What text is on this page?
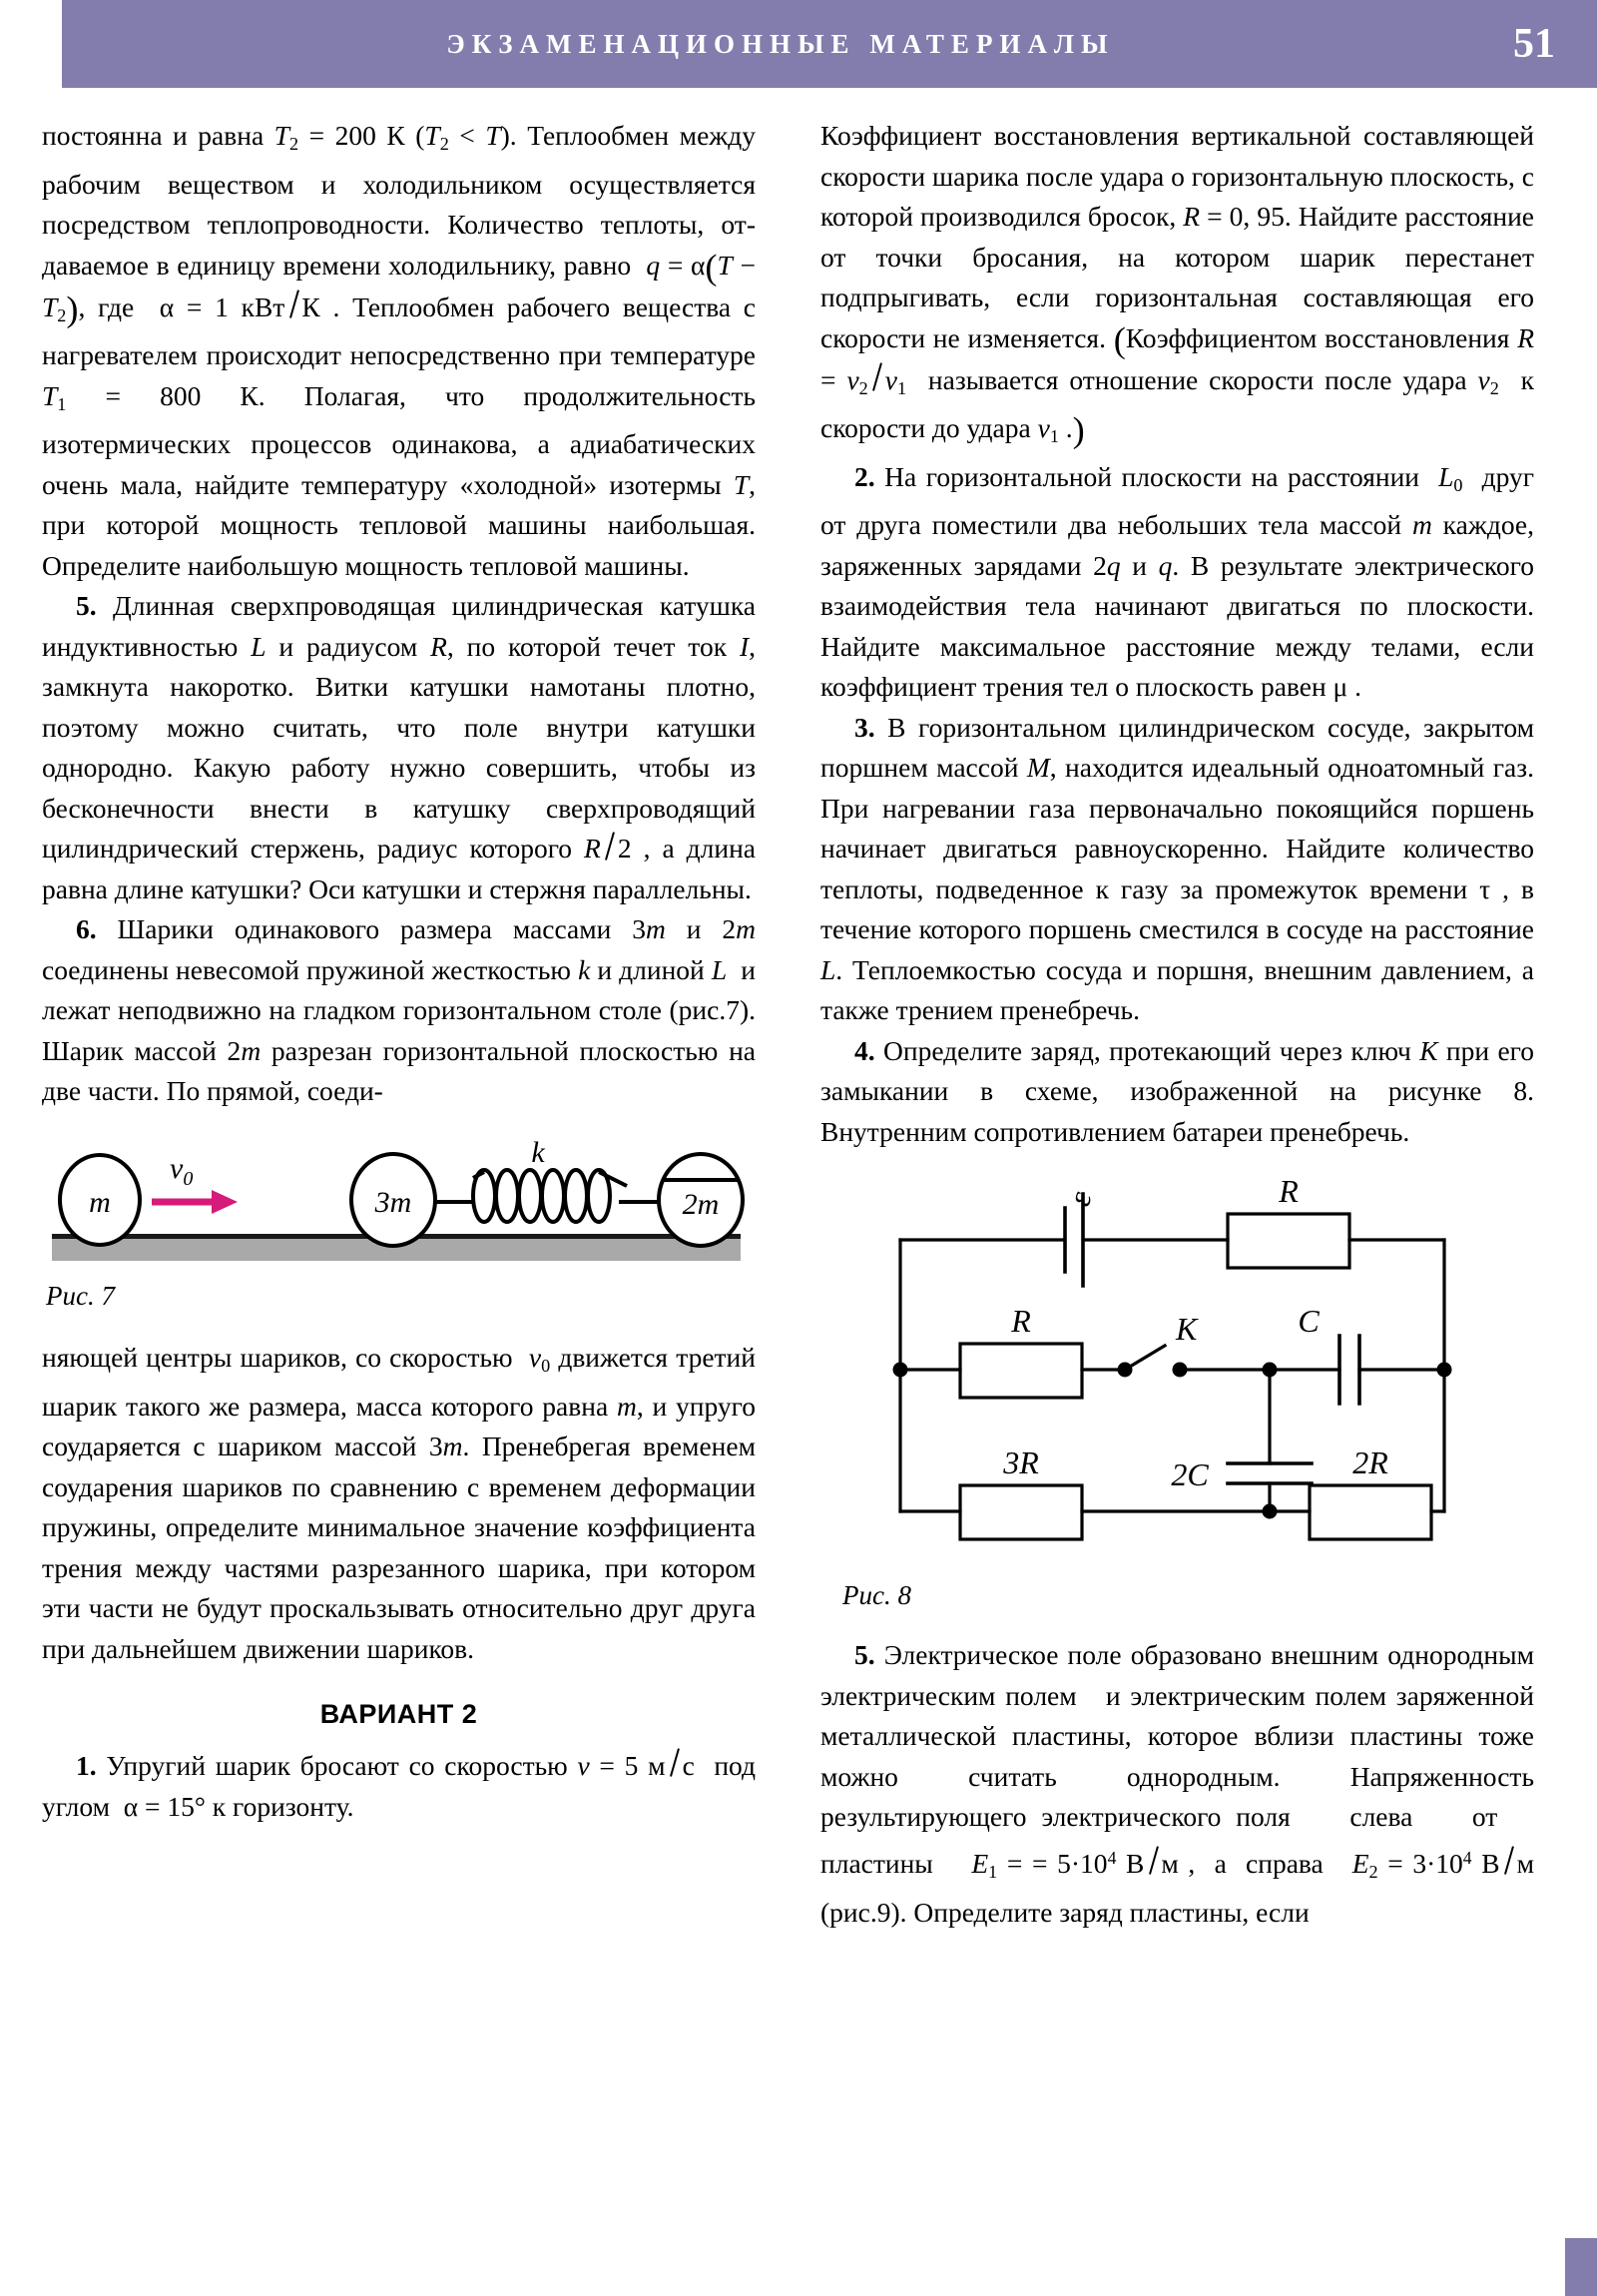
ЭКЗАМЕНАЦИОННЫЕ МАТЕРИАЛЫ	51

постоянна и равна T2 = 200 К (T2 < T). Теплообмен между рабочим веществом и холодильником осуществляется посредством теплопроводности. Количество теплоты, отдаваемое в единицу времени холодильнику, равно  q = α(T − T2), где  α = 1 кВт К . Теплообмен рабочего вещества с нагревателем происходит непосредственно при температуре T1 = 800 К. Полагая, что продолжительность изотермических процессов одинакова, а адиабатических очень мала, найдите температуру «холодной» изотермы T, при которой мощность тепловой машины наибольшая. Определите наибольшую мощность тепловой машины.

5. Длинная сверхпроводящая цилиндрическая катушка индуктивностью L и радиусом R, по которой течет ток I, замкнута накоротко. Витки катушки намотаны плотно, поэтому можно считать, что поле внутри катушки однородно. Какую работу нужно совершить, чтобы из бесконечности внести в катушку сверхпроводящий цилиндрический стержень, радиус которого R 2 , а длина равна длине катушки? Оси катушки и стержня параллельны.

6. Шарики одинакового размера массами 3m и 2m соединены невесомой пружиной жесткостью k и длиной L  и лежат неподвижно на гладком горизонтальном столе (рис.7). Шарик массой 2m разрезан горизонтальной плоскостью на две части. По прямой, соеди-

m
$v_0$
3m
k
2m
Рис. 7

няющей центры шариков, со скоростью  v0 движется третий шарик такого же размера, масса которого равна m, и упруго соударяется с шариком массой 3m. Пренебрегая временем соударения шариков по сравнению с временем деформации пружины, определите минимальное значение коэффициента трения между частями разрезанного шарика, при котором эти части не будут проскальзывать относительно друг друга при дальнейшем движении шариков.

ВАРИАНТ 2

1. Упругий шарик бросают со скоростью v = 5 м с  под углом  α = 15° к горизонту.

Коэффициент восстановления вертикальной составляющей скорости шарика после удара о горизонтальную плоскость, с которой производился бросок, R = 0, 95. Найдите расстояние от точки бросания, на котором шарик перестанет подпрыгивать, если горизонтальная составляющая его скорости не изменяется. (Коэффициентом восстановления R = v2 v1  называется отношение скорости после удара v2  к скорости до удара v1 .)

2. На горизонтальной плоскости на расстоянии  L0  друг от друга поместили два небольших тела массой m каждое, заряженных зарядами 2q и q. В результате электрического взаимодействия тела начинают двигаться по плоскости. Найдите максимальное расстояние между телами, если коэффициент трения тел о плоскость равен μ .

3. В горизонтальном цилиндрическом сосуде, закрытом поршнем массой M, находится идеальный одноатомный газ. При нагревании газа первоначально покоящийся поршень начинает двигаться равноускоренно. Найдите количество теплоты, подведенное к газу за промежуток времени τ , в течение которого поршень сместился в сосуде на расстояние L. Теплоемкостью сосуда и поршня, внешним давлением, а также трением пренебречь.

4. Определите заряд, протекающий через ключ K при его замыкании в схеме, изображенной на рисунке 8. Внутренним сопротивлением батареи пренебречь.

ε	R
R	K	C
2C
3R	2R
Рис. 8

5. Электрическое поле образовано внешним однородным электрическим полем   и электрическим полем заряженной металлической пластины, которое вблизи пластины тоже можно считать однородным. Напряженность результирующего электрического поля    слева    от    пластины    E1 = = $5\cdot 10^4$ В м ,  а  справа   $E2 = 3\cdot 10^4$ В м (рис.9). Определите заряд пластины, если
